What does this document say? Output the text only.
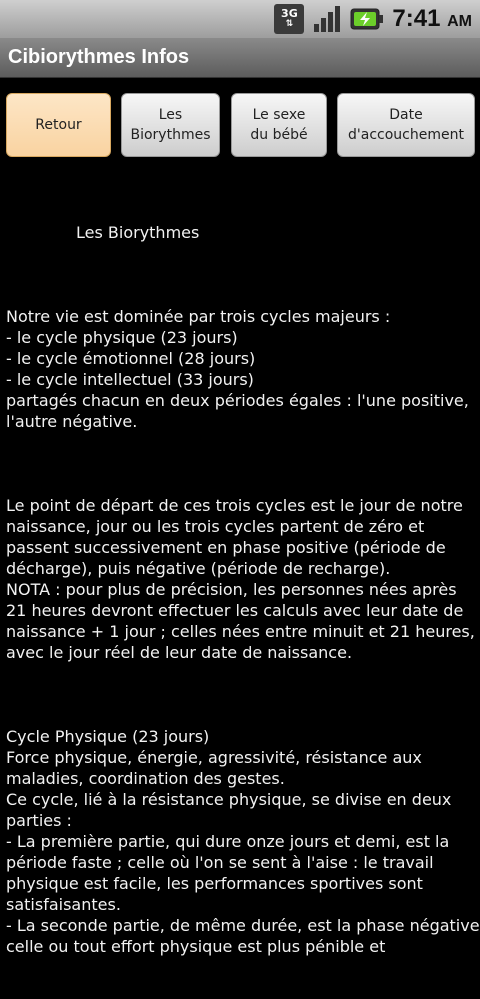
3G
⇅	7:41 AM
Cibiorythmes Infos
Retour
Les
Biorythmes
Le sexe
du bébé
Date
d'accouchement

Les Biorythmes

Notre vie est dominée par trois cycles majeurs :
- le cycle physique (23 jours)
- le cycle émotionnel (28 jours)
- le cycle intellectuel (33 jours)
partagés chacun en deux périodes égales : l'une positive, l'autre négative.

Le point de départ de ces trois cycles est le jour de notre naissance, jour ou les trois cycles partent de zéro et passent successivement en phase positive (période de décharge), puis négative (période de recharge).
NOTA : pour plus de précision, les personnes nées après 21 heures devront effectuer les calculs avec leur date de naissance + 1 jour ; celles nées entre minuit et 21 heures, avec le jour réel de leur date de naissance.

Cycle Physique (23 jours)
Force physique, énergie, agressivité, résistance aux maladies, coordination des gestes.
Ce cycle, lié à la résistance physique, se divise en deux parties :
- La première partie, qui dure onze jours et demi, est la période faste ; celle où l'on se sent à l'aise : le travail physique est facile, les performances sportives sont satisfaisantes.
- La seconde partie, de même durée, est la phase négative celle ou tout effort physique est plus pénible et
